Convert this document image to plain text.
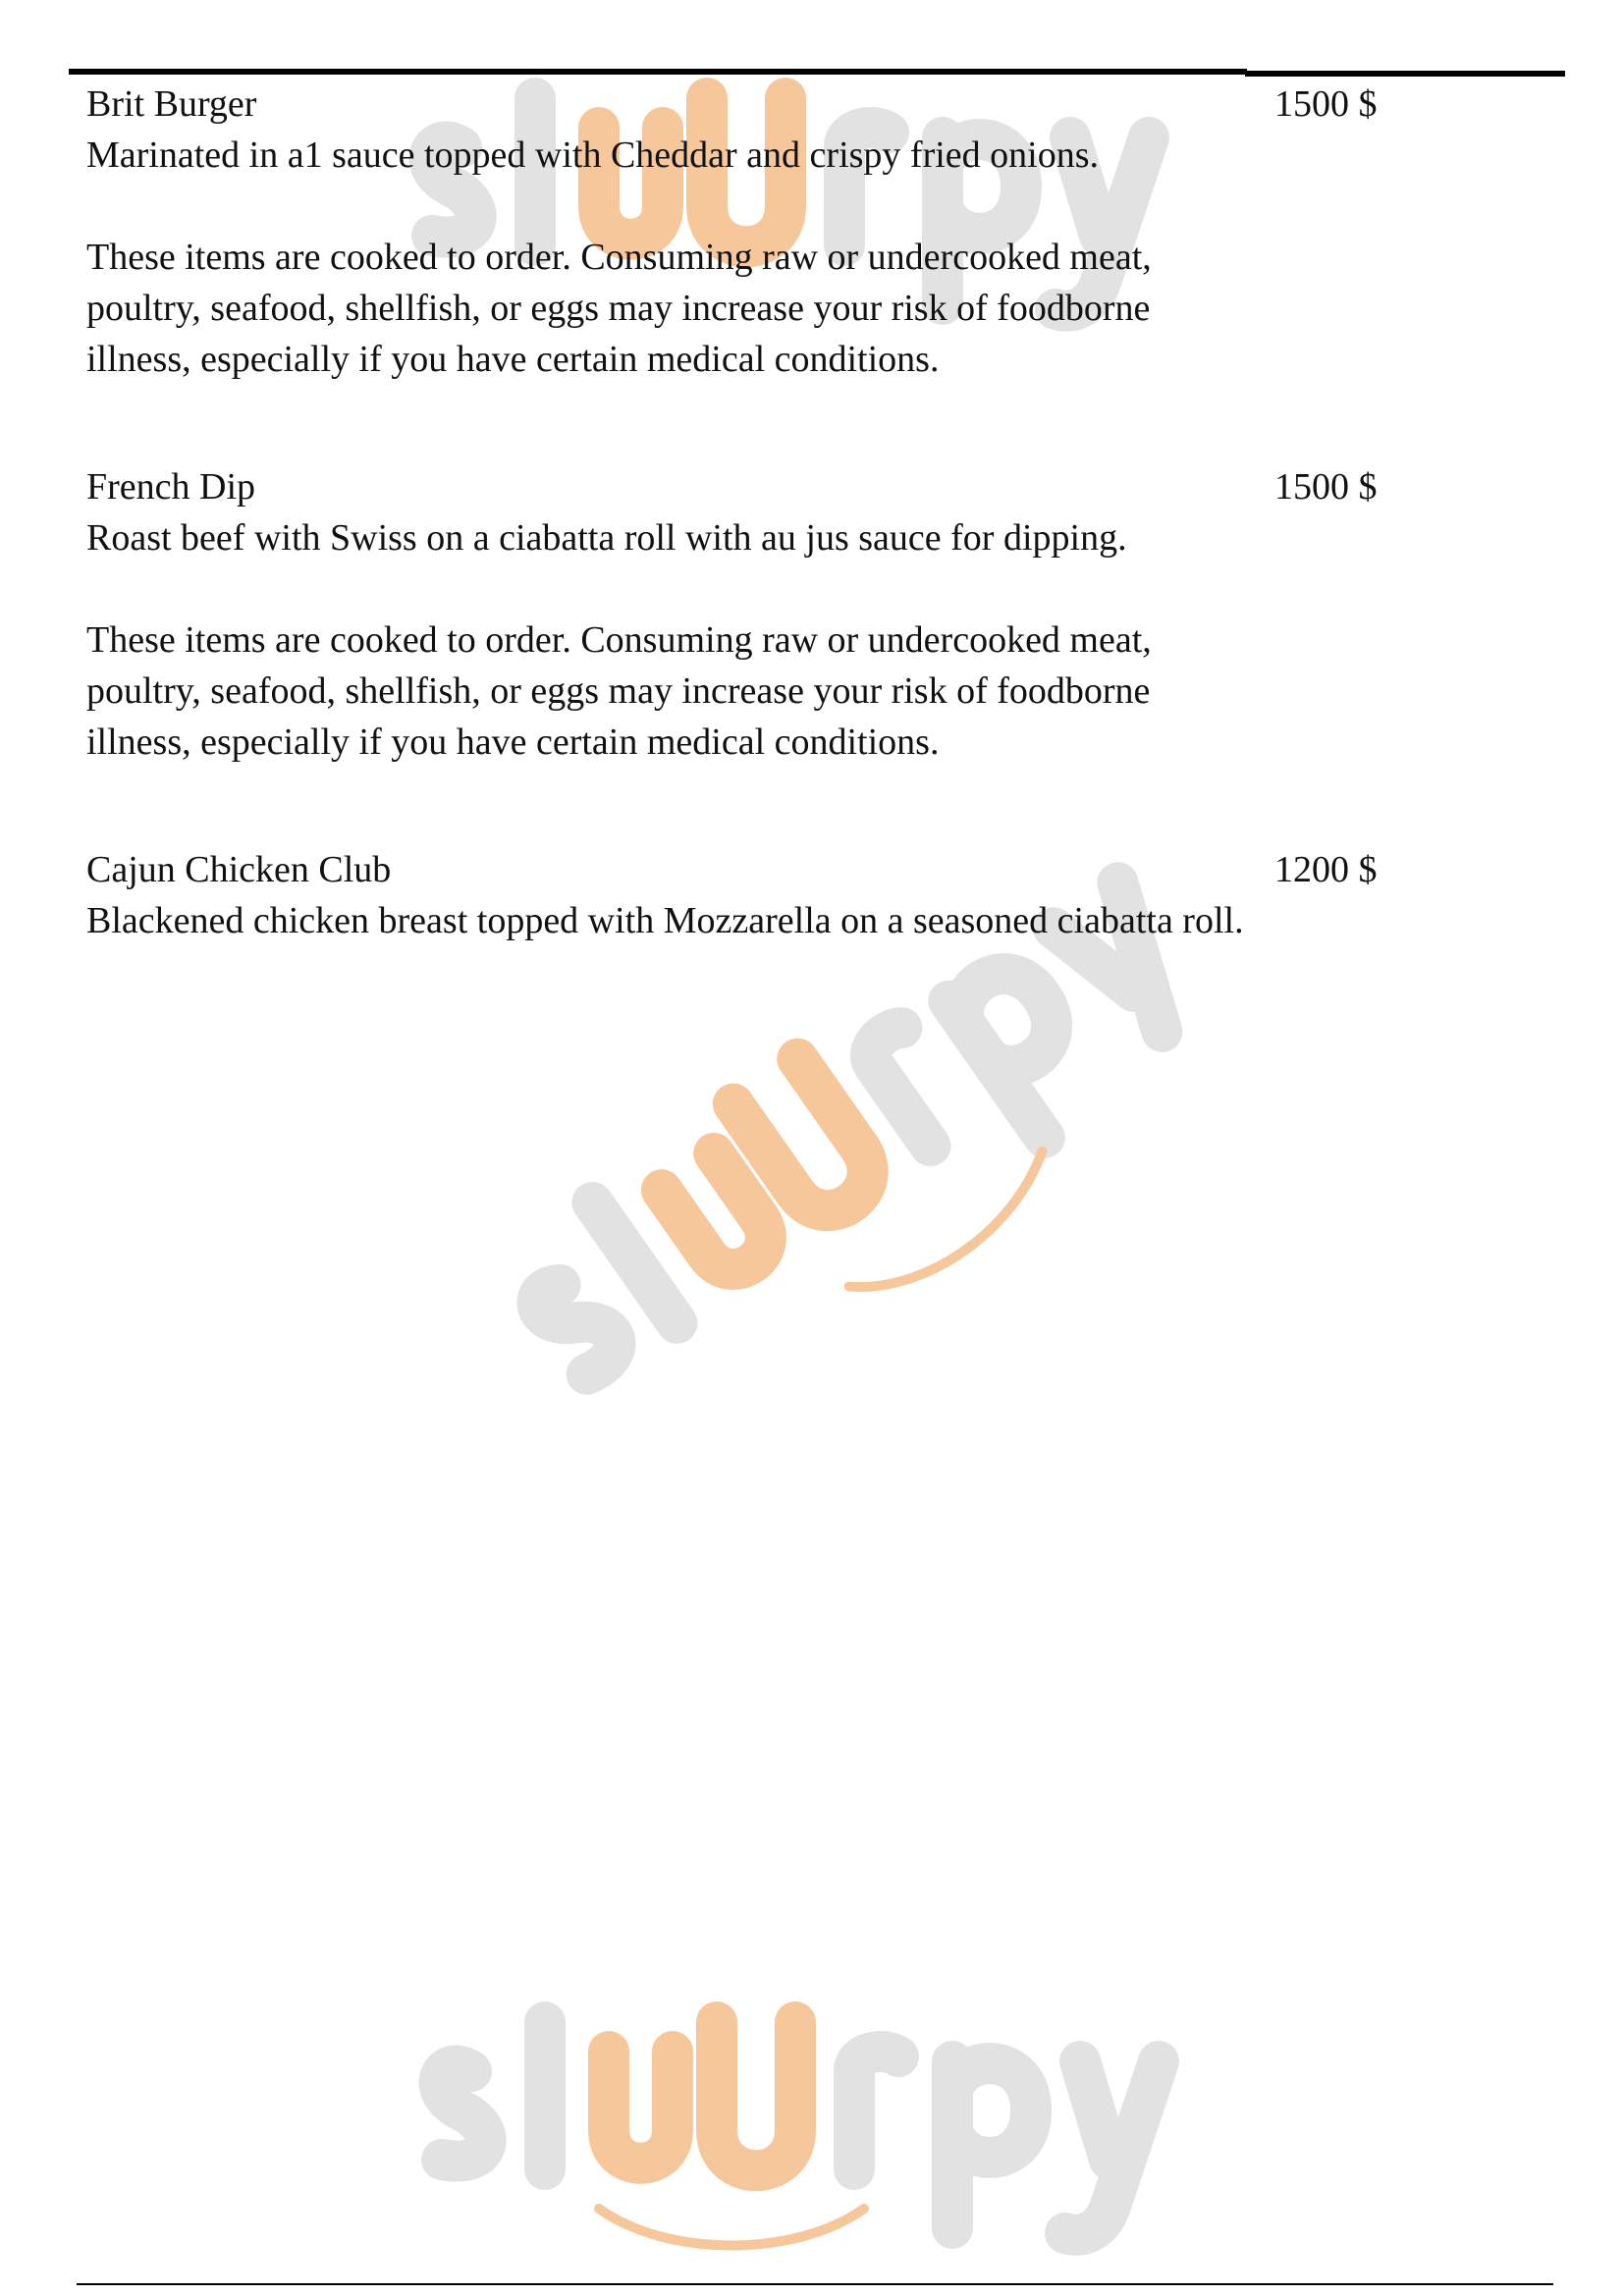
Brit Burger

Marinated in a1 sauce topped with Cheddar and crispy fried onions.

These items are cooked to order. Consuming raw or undercooked meat, poultry, seafood, shellfish, or eggs may increase your risk of foodborne illness, especially if you have certain medical conditions.

1500 $
French Dip

Roast beef with Swiss on a ciabatta roll with au jus sauce for dipping.

These items are cooked to order. Consuming raw or undercooked meat, poultry, seafood, shellfish, or eggs may increase your risk of foodborne illness, especially if you have certain medical conditions.

1500 $
Cajun Chicken Club

Blackened chicken breast topped with Mozzarella on a seasoned ciabatta roll.

1200 $
